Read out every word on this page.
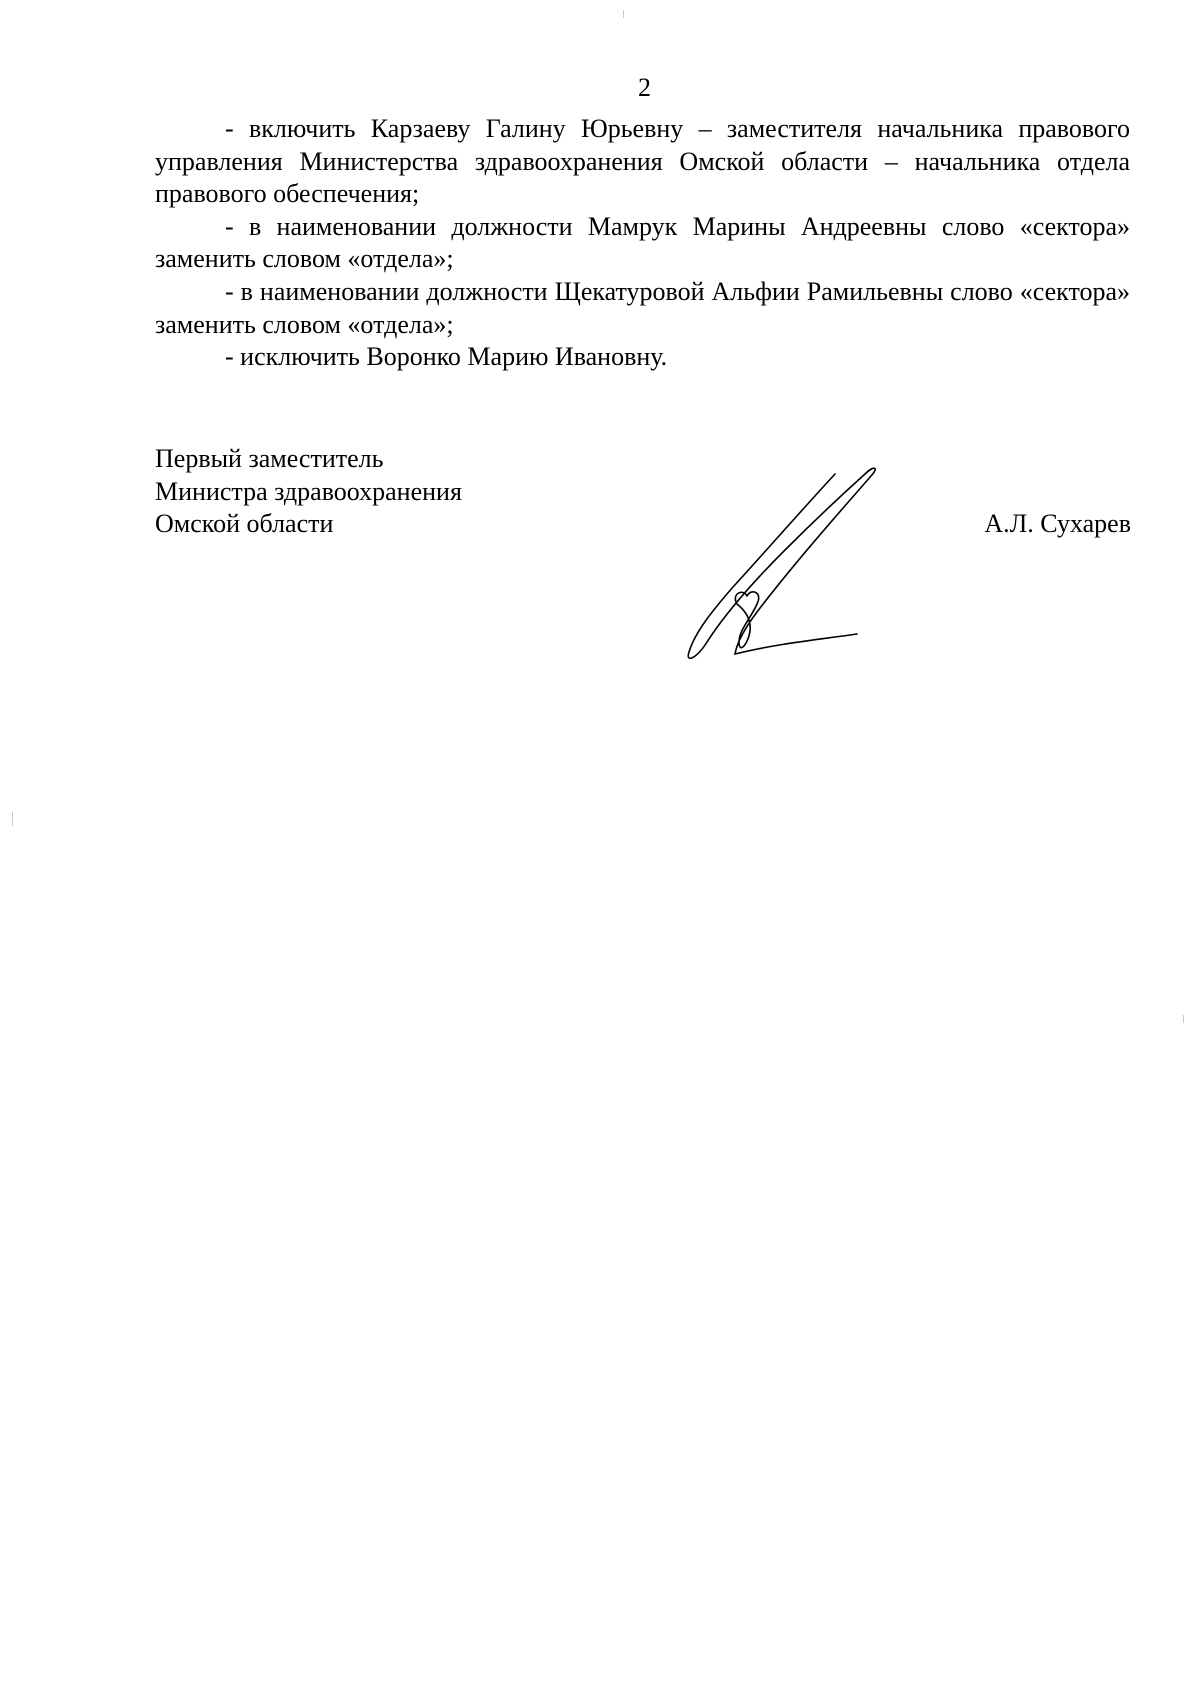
2

- включить Карзаеву Галину Юрьевну – заместителя начальника правового управления Министерства здравоохранения Омской области – начальника отдела правового обеспечения;

- в наименовании должности Мамрук Марины Андреевны слово «сектора» заменить словом «отдела»;

- в наименовании должности Щекатуровой Альфии Рамильевны слово «сектора» заменить словом «отдела»;

- исключить Воронко Марию Ивановну.

Первый заместитель
Министра здравоохранения
Омской области	А.Л. Сухарев
